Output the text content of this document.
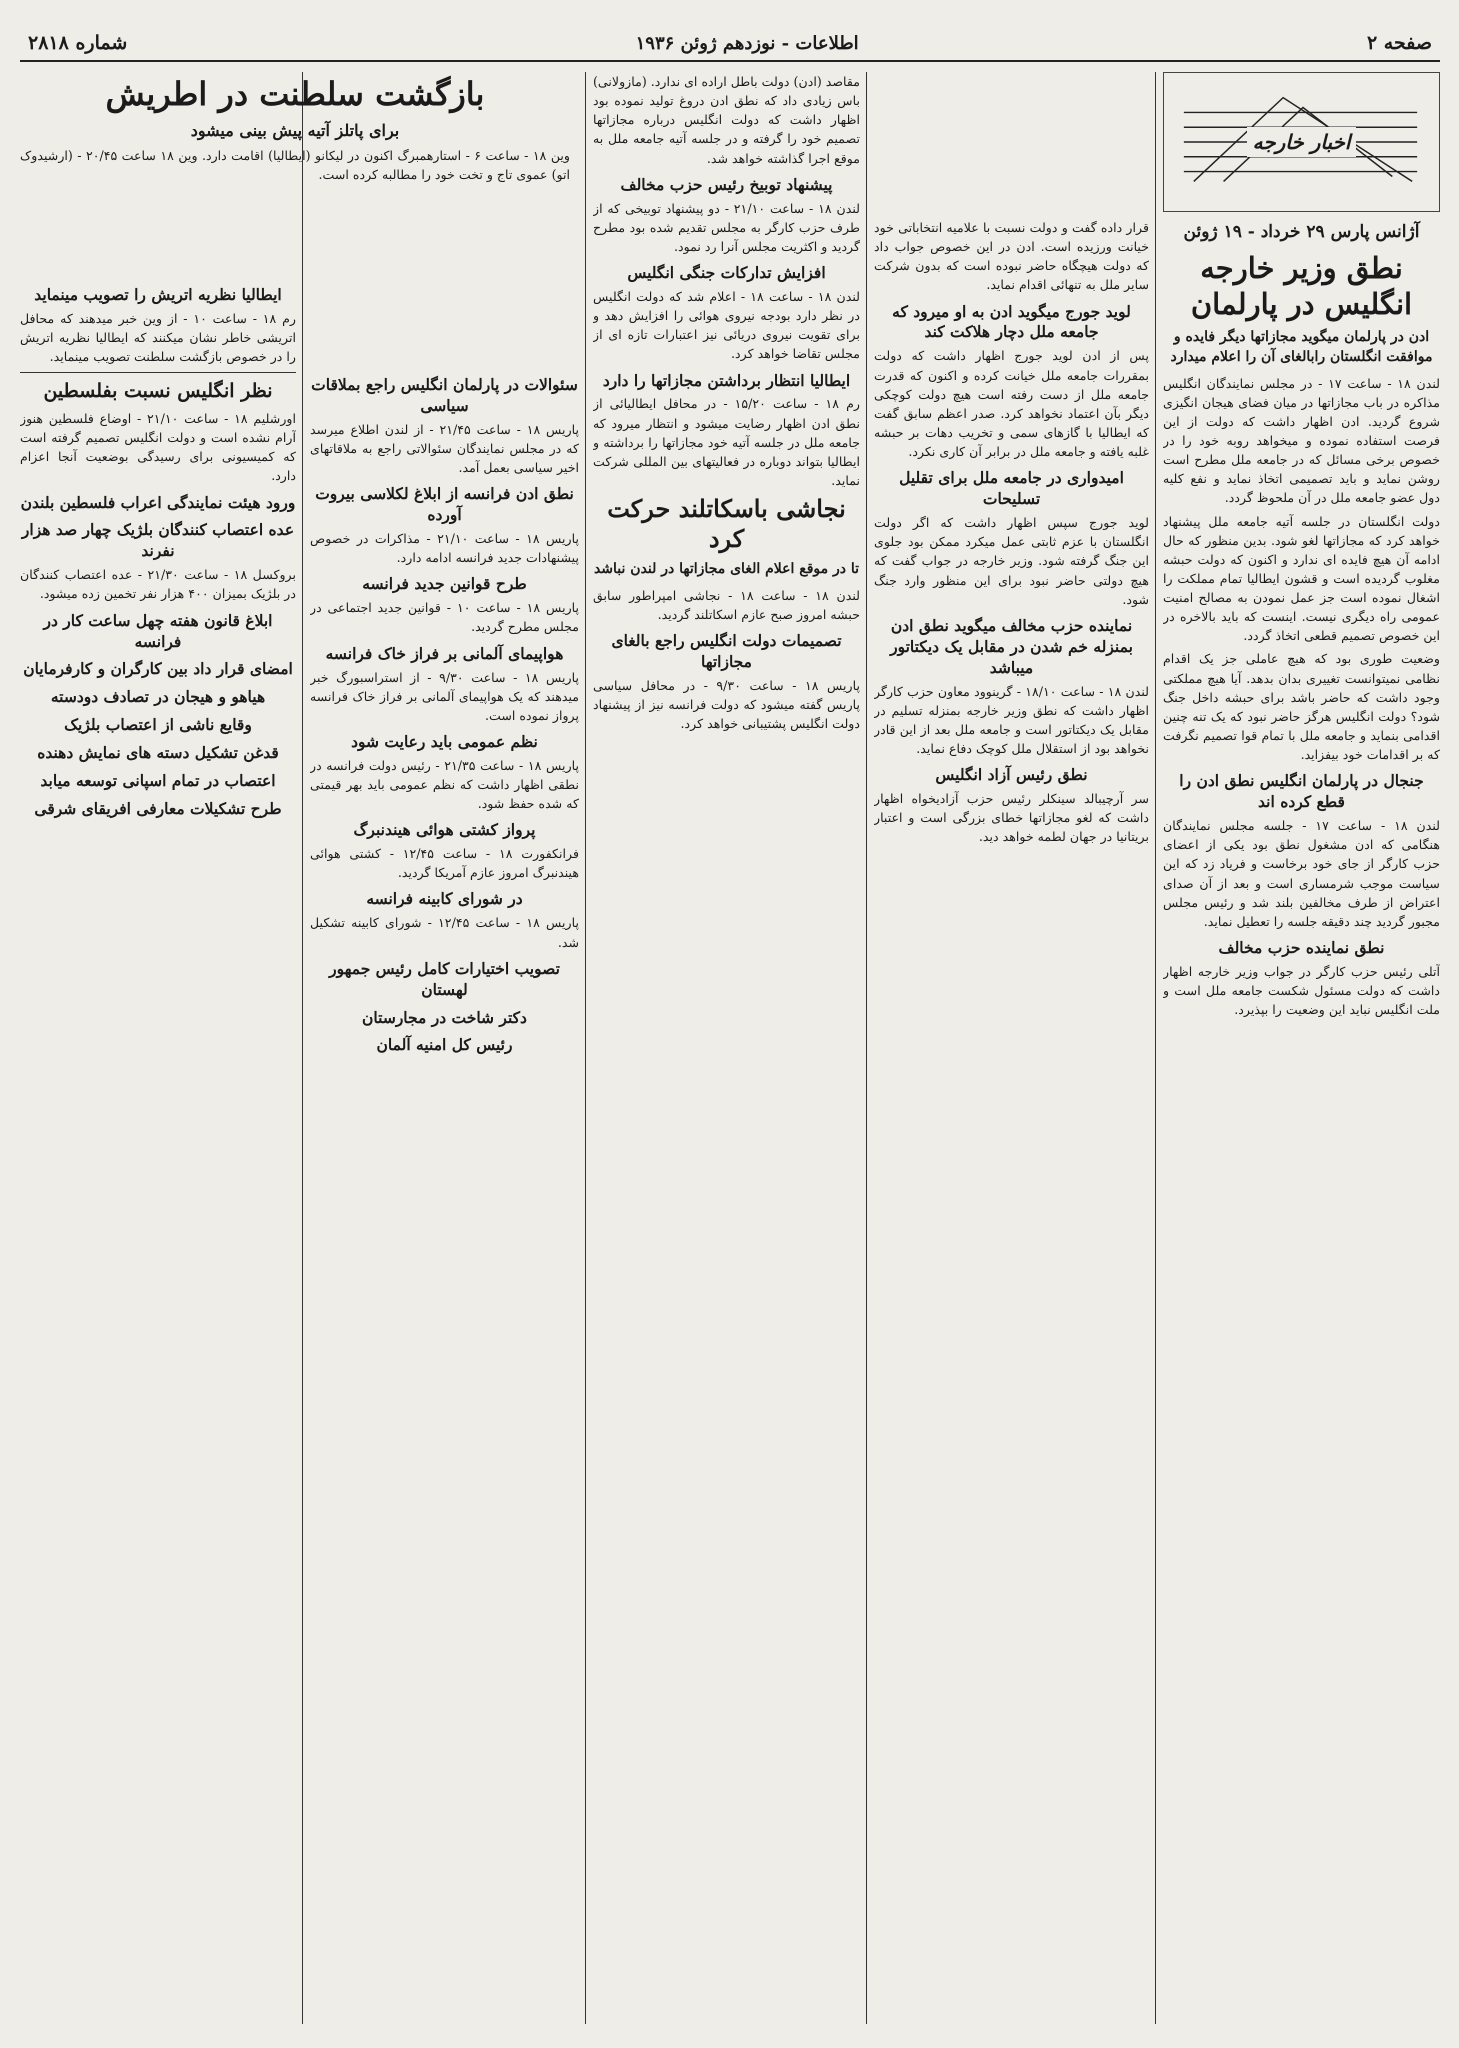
صفحه ۲
اطلاعات - نوزدهم ژوئن ۱۹۳۶
شماره ۲۸۱۸
اخبار خارجه
آژانس پارس ۲۹ خرداد - ۱۹ ژوئن
نطق وزیر خارجه انگلیس در پارلمان
ادن در پارلمان میگوید مجازاتها دیگر فایده و موافقت انگلستان رابالغای آن را اعلام میدارد

لندن ۱۸ - ساعت ۱۷ - در مجلس نمایندگان انگلیس مذاکره در باب مجازاتها در میان فضای هیجان انگیزی شروع گردید. ادن اظهار داشت که دولت از این فرصت استفاده نموده و میخواهد روبه خود را در خصوص برخی مسائل که در جامعه ملل مطرح است روشن نماید و باید تصمیمی اتخاذ نماید و نفع کلیه دول عضو جامعه ملل در آن ملحوظ گردد.

دولت انگلستان در جلسه آتیه جامعه ملل پیشنهاد خواهد کرد که مجازاتها لغو شود. بدین منظور که حال ادامه آن هیچ فایده ای ندارد و اکنون که دولت حبشه مغلوب گردیده است و قشون ایطالیا تمام مملکت را اشغال نموده است جز عمل نمودن به مصالح امنیت عمومی راه دیگری نیست. اینست که باید بالاخره در این خصوص تصمیم قطعی اتخاذ گردد.

وضعیت طوری بود که هیچ عاملی جز یک اقدام نظامی نمیتوانست تغییری بدان بدهد. آیا هیچ مملکتی وجود داشت که حاضر باشد برای حبشه داخل جنگ شود؟ دولت انگلیس هرگز حاضر نبود که یک تنه چنین اقدامی بنماید و جامعه ملل با تمام قوا تصمیم نگرفت که بر اقدامات خود بیفزاید.

جنجال در پارلمان انگلیس نطق ادن را قطع کرده اند

لندن ۱۸ - ساعت ۱۷ - جلسه مجلس نمایندگان هنگامی که ادن مشغول نطق بود یکی از اعضای حزب کارگر از جای خود برخاست و فریاد زد که این سیاست موجب شرمساری است و بعد از آن صدای اعتراض از طرف مخالفین بلند شد و رئیس مجلس مجبور گردید چند دقیقه جلسه را تعطیل نماید.

نطق نماینده حزب مخالف

آتلی رئیس حزب کارگر در جواب وزیر خارجه اظهار داشت که دولت مسئول شکست جامعه ملل است و ملت انگلیس نباید این وضعیت را بپذیرد.

قرار داده گفت و دولت نسبت با علامیه انتخاباتی خود خیانت ورزیده است. ادن در این خصوص جواب داد که دولت هیچگاه حاضر نبوده است که بدون شرکت سایر ملل به تنهائی اقدام نماید.

لوید جورج میگوید ادن به او میرود که جامعه ملل دچار هلاکت کند

پس از ادن لوید جورج اظهار داشت که دولت بمقررات جامعه ملل خیانت کرده و اکنون که قدرت جامعه ملل از دست رفته است هیچ دولت کوچکی دیگر بآن اعتماد نخواهد کرد. صدر اعظم سابق گفت که ایطالیا با گازهای سمی و تخریب دهات بر حبشه غلبه یافته و جامعه ملل در برابر آن کاری نکرد.

امیدواری در جامعه ملل برای تقلیل تسلیحات

لوید جورج سپس اظهار داشت که اگر دولت انگلستان با عزم ثابتی عمل میکرد ممکن بود جلوی این جنگ گرفته شود. وزیر خارجه در جواب گفت که هیچ دولتی حاضر نبود برای این منظور وارد جنگ شود.

نماینده حزب مخالف میگوید نطق ادن بمنزله خم شدن در مقابل یک دیکتاتور میباشد

لندن ۱۸ - ساعت ۱۸/۱۰ - گرینوود معاون حزب کارگر اظهار داشت که نطق وزیر خارجه بمنزله تسلیم در مقابل یک دیکتاتور است و جامعه ملل بعد از این قادر نخواهد بود از استقلال ملل کوچک دفاع نماید.

نطق رئیس آزاد انگلیس

سر آرچیبالد سینکلر رئیس حزب آزادیخواه اظهار داشت که لغو مجازاتها خطای بزرگی است و اعتبار بریتانیا در جهان لطمه خواهد دید.

مقاصد (ادن) دولت باطل اراده ای ندارد. (مازولانی) باس زیادی داد که نطق ادن دروغ تولید نموده بود اظهار داشت که دولت انگلیس درباره مجازاتها تصمیم خود را گرفته و در جلسه آتیه جامعه ملل به موقع اجرا گذاشته خواهد شد.

پیشنهاد توبیخ رئیس حزب مخالف

لندن ۱۸ - ساعت ۲۱/۱۰ - دو پیشنهاد توبیخی که از طرف حزب کارگر به مجلس تقدیم شده بود مطرح گردید و اکثریت مجلس آنرا رد نمود.

افزایش تدارکات جنگی انگلیس

لندن ۱۸ - ساعت ۱۸ - اعلام شد که دولت انگلیس در نظر دارد بودجه نیروی هوائی را افزایش دهد و برای تقویت نیروی دریائی نیز اعتبارات تازه ای از مجلس تقاضا خواهد کرد.

ایطالیا انتظار برداشتن مجازاتها را دارد

رم ۱۸ - ساعت ۱۵/۲۰ - در محافل ایطالیائی از نطق ادن اظهار رضایت میشود و انتظار میرود که جامعه ملل در جلسه آتیه خود مجازاتها را برداشته و ایطالیا بتواند دوباره در فعالیتهای بین المللی شرکت نماید.

نجاشی باسکاتلند حرکت کرد
تا در موقع اعلام الغای مجازاتها در لندن نباشد

لندن ۱۸ - ساعت ۱۸ - نجاشی امپراطور سابق حبشه امروز صبح عازم اسکاتلند گردید.

تصمیمات دولت انگلیس راجع بالغای مجازاتها

پاریس ۱۸ - ساعت ۹/۳۰ - در محافل سیاسی پاریس گفته میشود که دولت فرانسه نیز از پیشنهاد دولت انگلیس پشتیبانی خواهد کرد.

سئوالات در پارلمان انگلیس راجع بملاقات سیاسی

پاریس ۱۸ - ساعت ۲۱/۴۵ - از لندن اطلاع میرسد که در مجلس نمایندگان سئوالاتی راجع به ملاقاتهای اخیر سیاسی بعمل آمد.

نطق ادن فرانسه از ابلاغ لکلاسی بیروت آورده

پاریس ۱۸ - ساعت ۲۱/۱۰ - مذاکرات در خصوص پیشنهادات جدید فرانسه ادامه دارد.

طرح قوانین جدید فرانسه

پاریس ۱۸ - ساعت ۱۰ - قوانین جدید اجتماعی در مجلس مطرح گردید.

هواپیمای آلمانی بر فراز خاک فرانسه

پاریس ۱۸ - ساعت ۹/۳۰ - از استراسبورگ خبر میدهند که یک هواپیمای آلمانی بر فراز خاک فرانسه پرواز نموده است.

نظم عمومی باید رعایت شود

پاریس ۱۸ - ساعت ۲۱/۳۵ - رئیس دولت فرانسه در نطقی اظهار داشت که نظم عمومی باید بهر قیمتی که شده حفظ شود.

پرواز کشتی هوائی هیندنبرگ

فرانکفورت ۱۸ - ساعت ۱۲/۴۵ - کشتی هوائی هیندنبرگ امروز عازم آمریکا گردید.

در شورای کابینه فرانسه

پاریس ۱۸ - ساعت ۱۲/۴۵ - شورای کابینه تشکیل شد.

تصویب اختیارات کامل رئیس جمهور لهستان
دکتر شاخت در مجارستان
رئیس کل امنیه آلمان
بازگشت سلطنت در اطریش
برای پاتلز آتیه پیش بینی میشود

وین ۱۸ - ساعت ۶ - استارهمبرگ اکنون در لیکانو (ایطالیا) اقامت دارد. وین ۱۸ ساعت ۲۰/۴۵ - (ارشیدوک اتو) عموی تاج و تخت خود را مطالبه کرده است.

ایطالیا نظریه اتریش را تصویب مینماید

رم ۱۸ - ساعت ۱۰ - از وین خبر میدهند که محافل اتریشی خاطر نشان میکنند که ایطالیا نظریه اتریش را در خصوص بازگشت سلطنت تصویب مینماید.

نظر انگلیس نسبت بفلسطین

اورشلیم ۱۸ - ساعت ۲۱/۱۰ - اوضاع فلسطین هنوز آرام نشده است و دولت انگلیس تصمیم گرفته است که کمیسیونی برای رسیدگی بوضعیت آنجا اعزام دارد.

ورود هیئت نمایندگی اعراب فلسطین بلندن
عده اعتصاب کنندگان بلژیک چهار صد هزار نفرند

بروکسل ۱۸ - ساعت ۲۱/۳۰ - عده اعتصاب کنندگان در بلژیک بمیزان ۴۰۰ هزار نفر تخمین زده میشود.

ابلاغ قانون هفته چهل ساعت کار در فرانسه
امضای قرار داد بین کارگران و کارفرمایان
هیاهو و هیجان در تصادف دودسته
وقایع ناشی از اعتصاب بلژیک
قدغن تشکیل دسته های نمایش دهنده
اعتصاب در تمام اسپانی توسعه میابد
طرح تشکیلات معارفی افریقای شرقی
